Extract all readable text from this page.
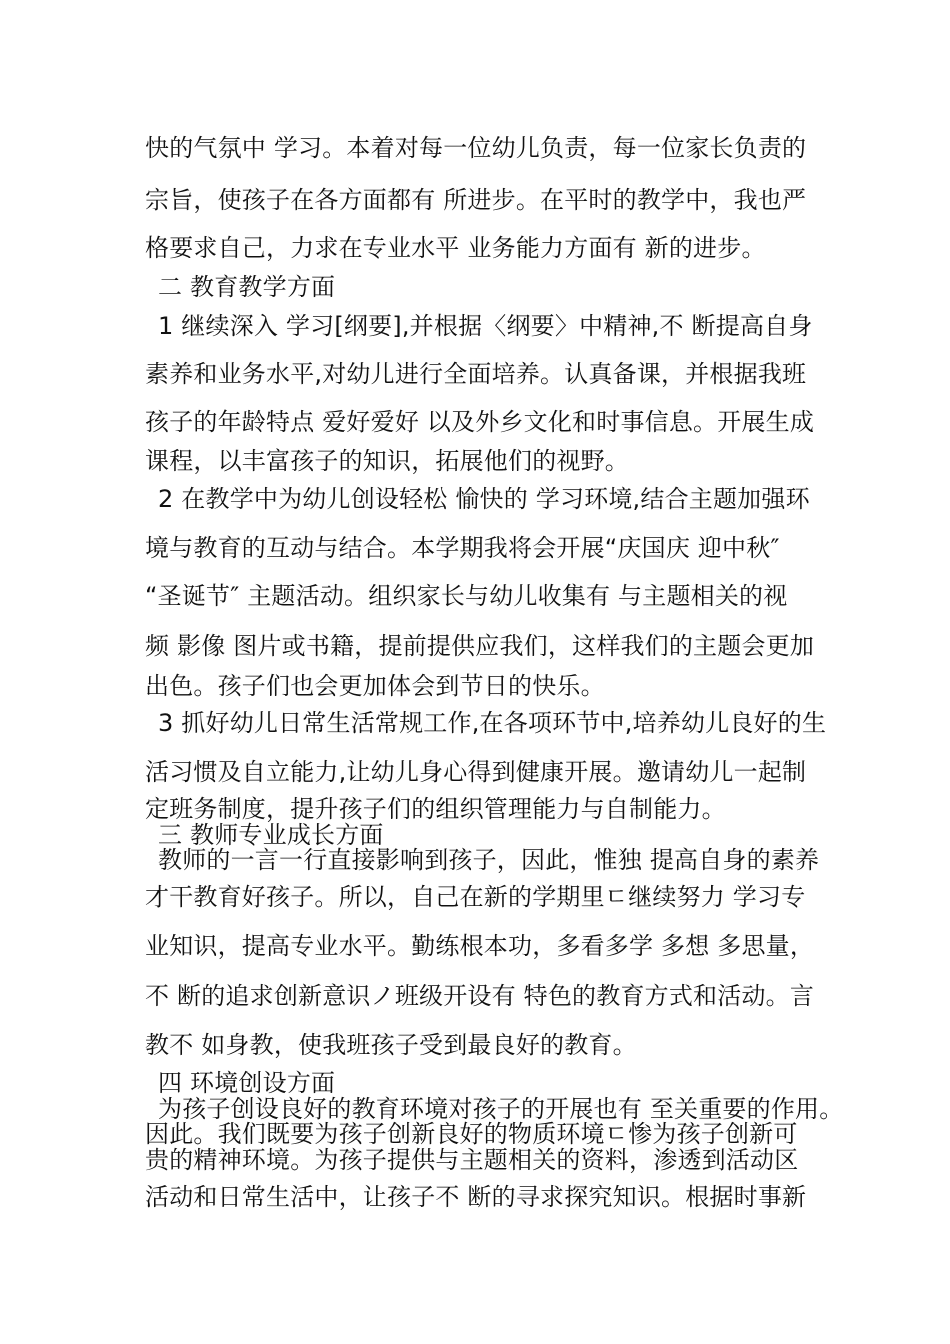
快的气氛中 学习。本着对每一位幼儿负责，每一位家长负责的
宗旨，使孩子在各方面都有 所进步。在平时的教学中，我也严
格要求自己，力求在专业水平 业务能力方面有 新的进步。
二 教育教学方面
1 继续深入 学习[纲要],并根据〈纲要〉中精神,不 断提高自身
素养和业务水平,对幼儿进行全面培养。认真备课，并根据我班
孩子的年龄特点 爱好爱好 以及外乡文化和时事信息。开展生成
课程，以丰富孩子的知识，拓展他们的视野。
2 在教学中为幼儿创设轻松 愉快的 学习环境,结合主题加强环
境与教育的互动与结合。本学期我将会开展“庆国庆 迎中秋″
“圣诞节″ 主题活动。组织家长与幼儿收集有 与主题相关的视
频 影像 图片或书籍，提前提供应我们，这样我们的主题会更加
出色。孩子们也会更加体会到节日的快乐。
3 抓好幼儿日常生活常规工作,在各项环节中,培养幼儿良好的生
活习惯及自立能力,让幼儿身心得到健康开展。邀请幼儿一起制
定班务制度，提升孩子们的组织管理能力与自制能力。
三 教师专业成长方面
教师的一言一行直接影响到孩子，因此，惟独 提高自身的素养
才干教育好孩子。所以，自己在新的学期里ㄷ继续努力 学习专
业知识，提高专业水平。勤练根本功，多看多学 多想 多思量，
不 断的追求创新意识ノ班级开设有 特色的教育方式和活动。言
教不 如身教，使我班孩子受到最良好的教育。
四 环境创设方面
为孩子创设良好的教育环境对孩子的开展也有 至关重要的作用。
因此。我们既要为孩子创新良好的物质环境ㄷ惨为孩子创新可
贵的精神环境。为孩子提供与主题相关的资料，渗透到活动区
活动和日常生活中，让孩子不 断的寻求探究知识。根据时事新
